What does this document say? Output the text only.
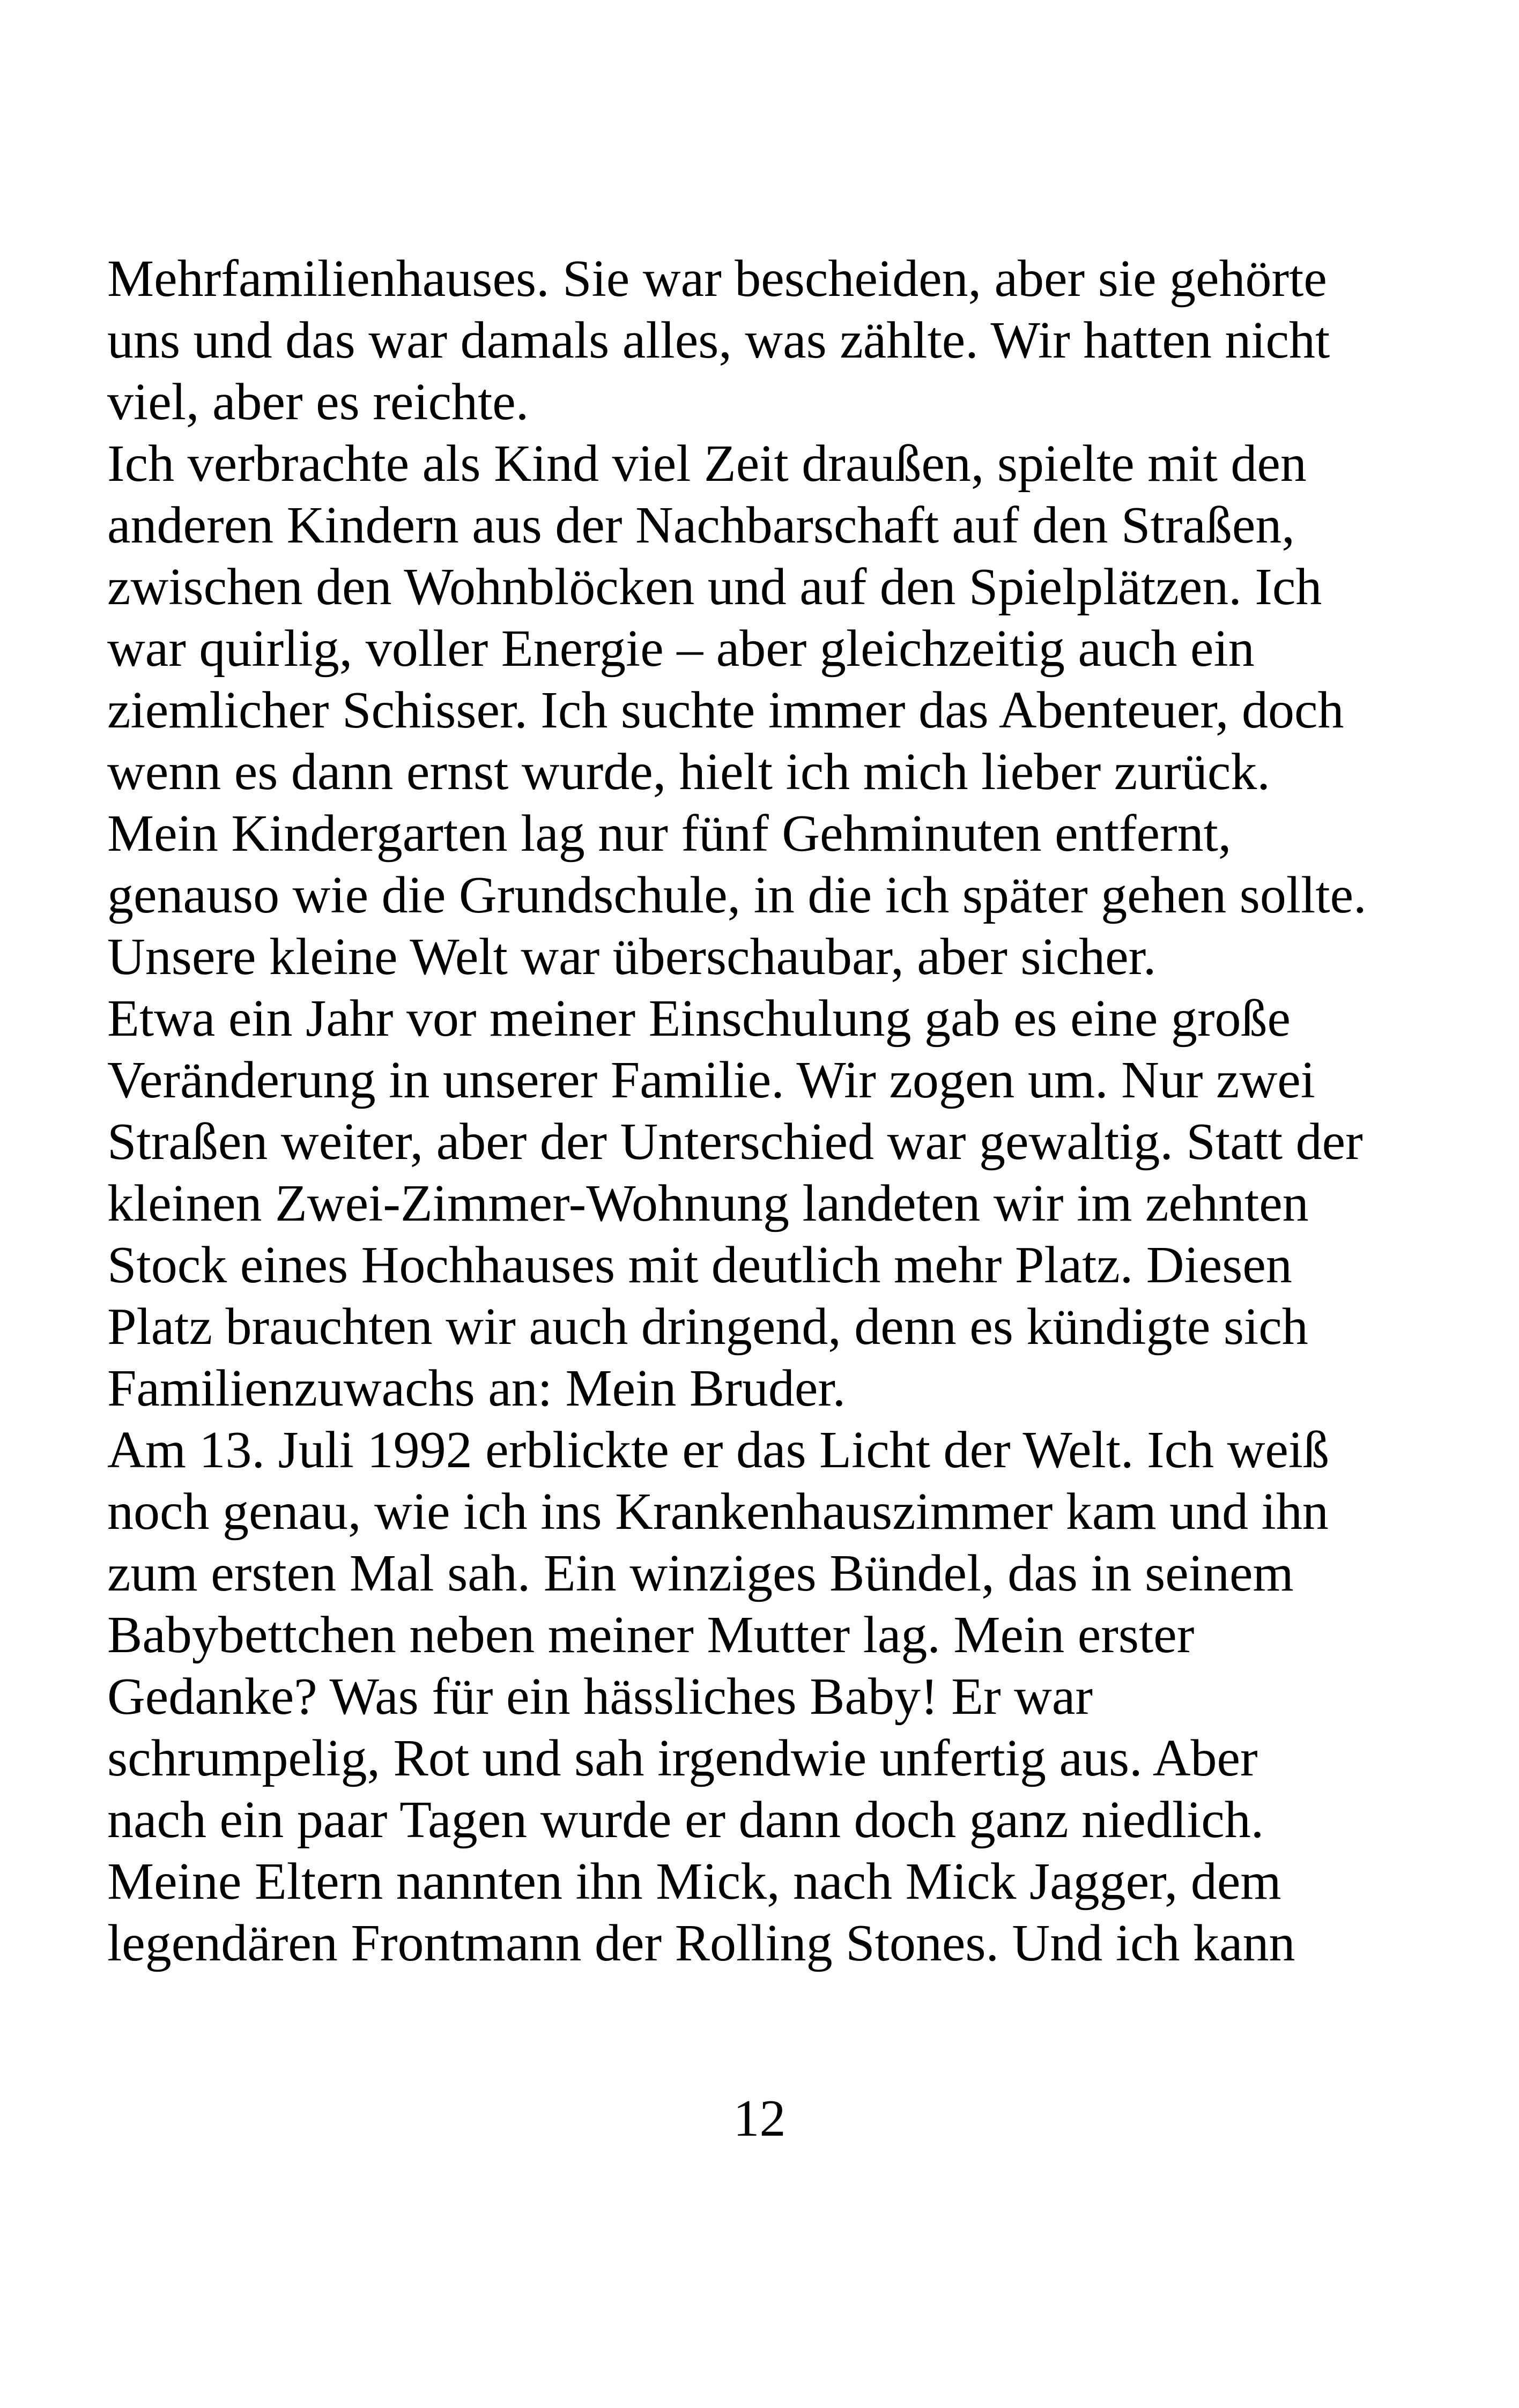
Mehrfamilienhauses. Sie war bescheiden, aber sie gehörte
uns und das war damals alles, was zählte. Wir hatten nicht
viel, aber es reichte.
Ich verbrachte als Kind viel Zeit draußen, spielte mit den
anderen Kindern aus der Nachbarschaft auf den Straßen,
zwischen den Wohnblöcken und auf den Spielplätzen. Ich
war quirlig, voller Energie – aber gleichzeitig auch ein
ziemlicher Schisser. Ich suchte immer das Abenteuer, doch
wenn es dann ernst wurde, hielt ich mich lieber zurück.
Mein Kindergarten lag nur fünf Gehminuten entfernt,
genauso wie die Grundschule, in die ich später gehen sollte.
Unsere kleine Welt war überschaubar, aber sicher.
Etwa ein Jahr vor meiner Einschulung gab es eine große
Veränderung in unserer Familie. Wir zogen um. Nur zwei
Straßen weiter, aber der Unterschied war gewaltig. Statt der
kleinen Zwei-Zimmer-Wohnung landeten wir im zehnten
Stock eines Hochhauses mit deutlich mehr Platz. Diesen
Platz brauchten wir auch dringend, denn es kündigte sich
Familienzuwachs an: Mein Bruder.
Am 13. Juli 1992 erblickte er das Licht der Welt. Ich weiß
noch genau, wie ich ins Krankenhauszimmer kam und ihn
zum ersten Mal sah. Ein winziges Bündel, das in seinem
Babybettchen neben meiner Mutter lag. Mein erster
Gedanke? Was für ein hässliches Baby! Er war
schrumpelig, Rot und sah irgendwie unfertig aus. Aber
nach ein paar Tagen wurde er dann doch ganz niedlich.
Meine Eltern nannten ihn Mick, nach Mick Jagger, dem
legendären Frontmann der Rolling Stones. Und ich kann
12
